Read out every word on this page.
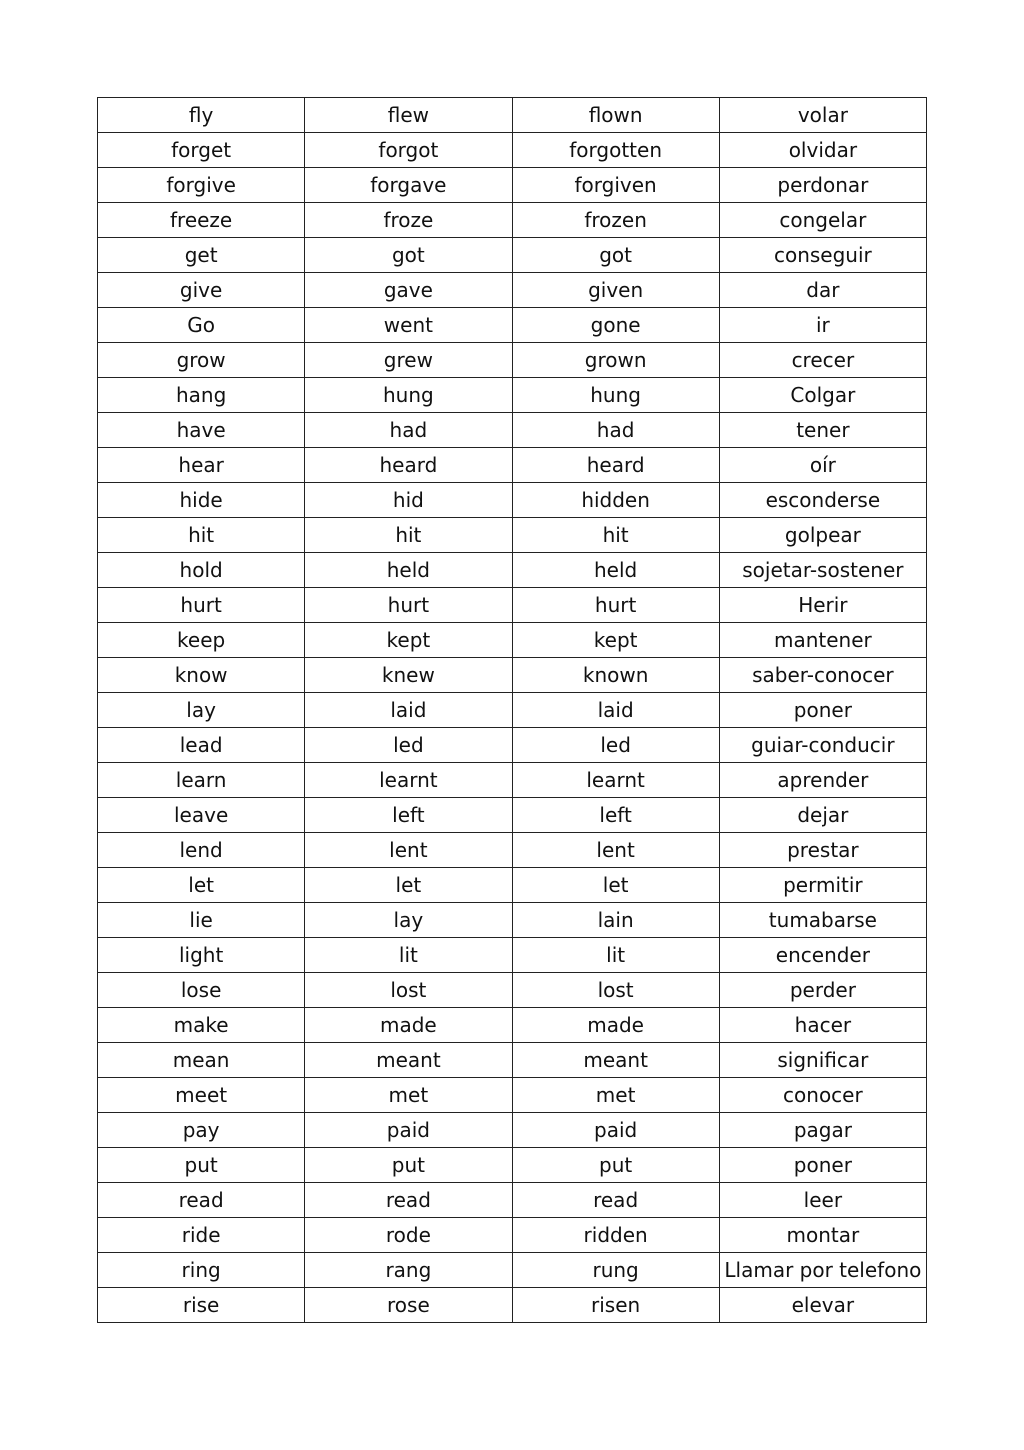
fly	flew	flown	volar
forget	forgot	forgotten	olvidar
forgive	forgave	forgiven	perdonar
freeze	froze	frozen	congelar
get	got	got	conseguir
give	gave	given	dar
Go	went	gone	ir
grow	grew	grown	crecer
hang	hung	hung	Colgar
have	had	had	tener
hear	heard	heard	oír
hide	hid	hidden	esconderse
hit	hit	hit	golpear
hold	held	held	sojetar-sostener
hurt	hurt	hurt	Herir
keep	kept	kept	mantener
know	knew	known	saber-conocer
lay	laid	laid	poner
lead	led	led	guiar-conducir
learn	learnt	learnt	aprender
leave	left	left	dejar
lend	lent	lent	prestar
let	let	let	permitir
lie	lay	lain	tumabarse
light	lit	lit	encender
lose	lost	lost	perder
make	made	made	hacer
mean	meant	meant	significar
meet	met	met	conocer
pay	paid	paid	pagar
put	put	put	poner
read	read	read	leer
ride	rode	ridden	montar
ring	rang	rung	Llamar por telefono
rise	rose	risen	elevar
